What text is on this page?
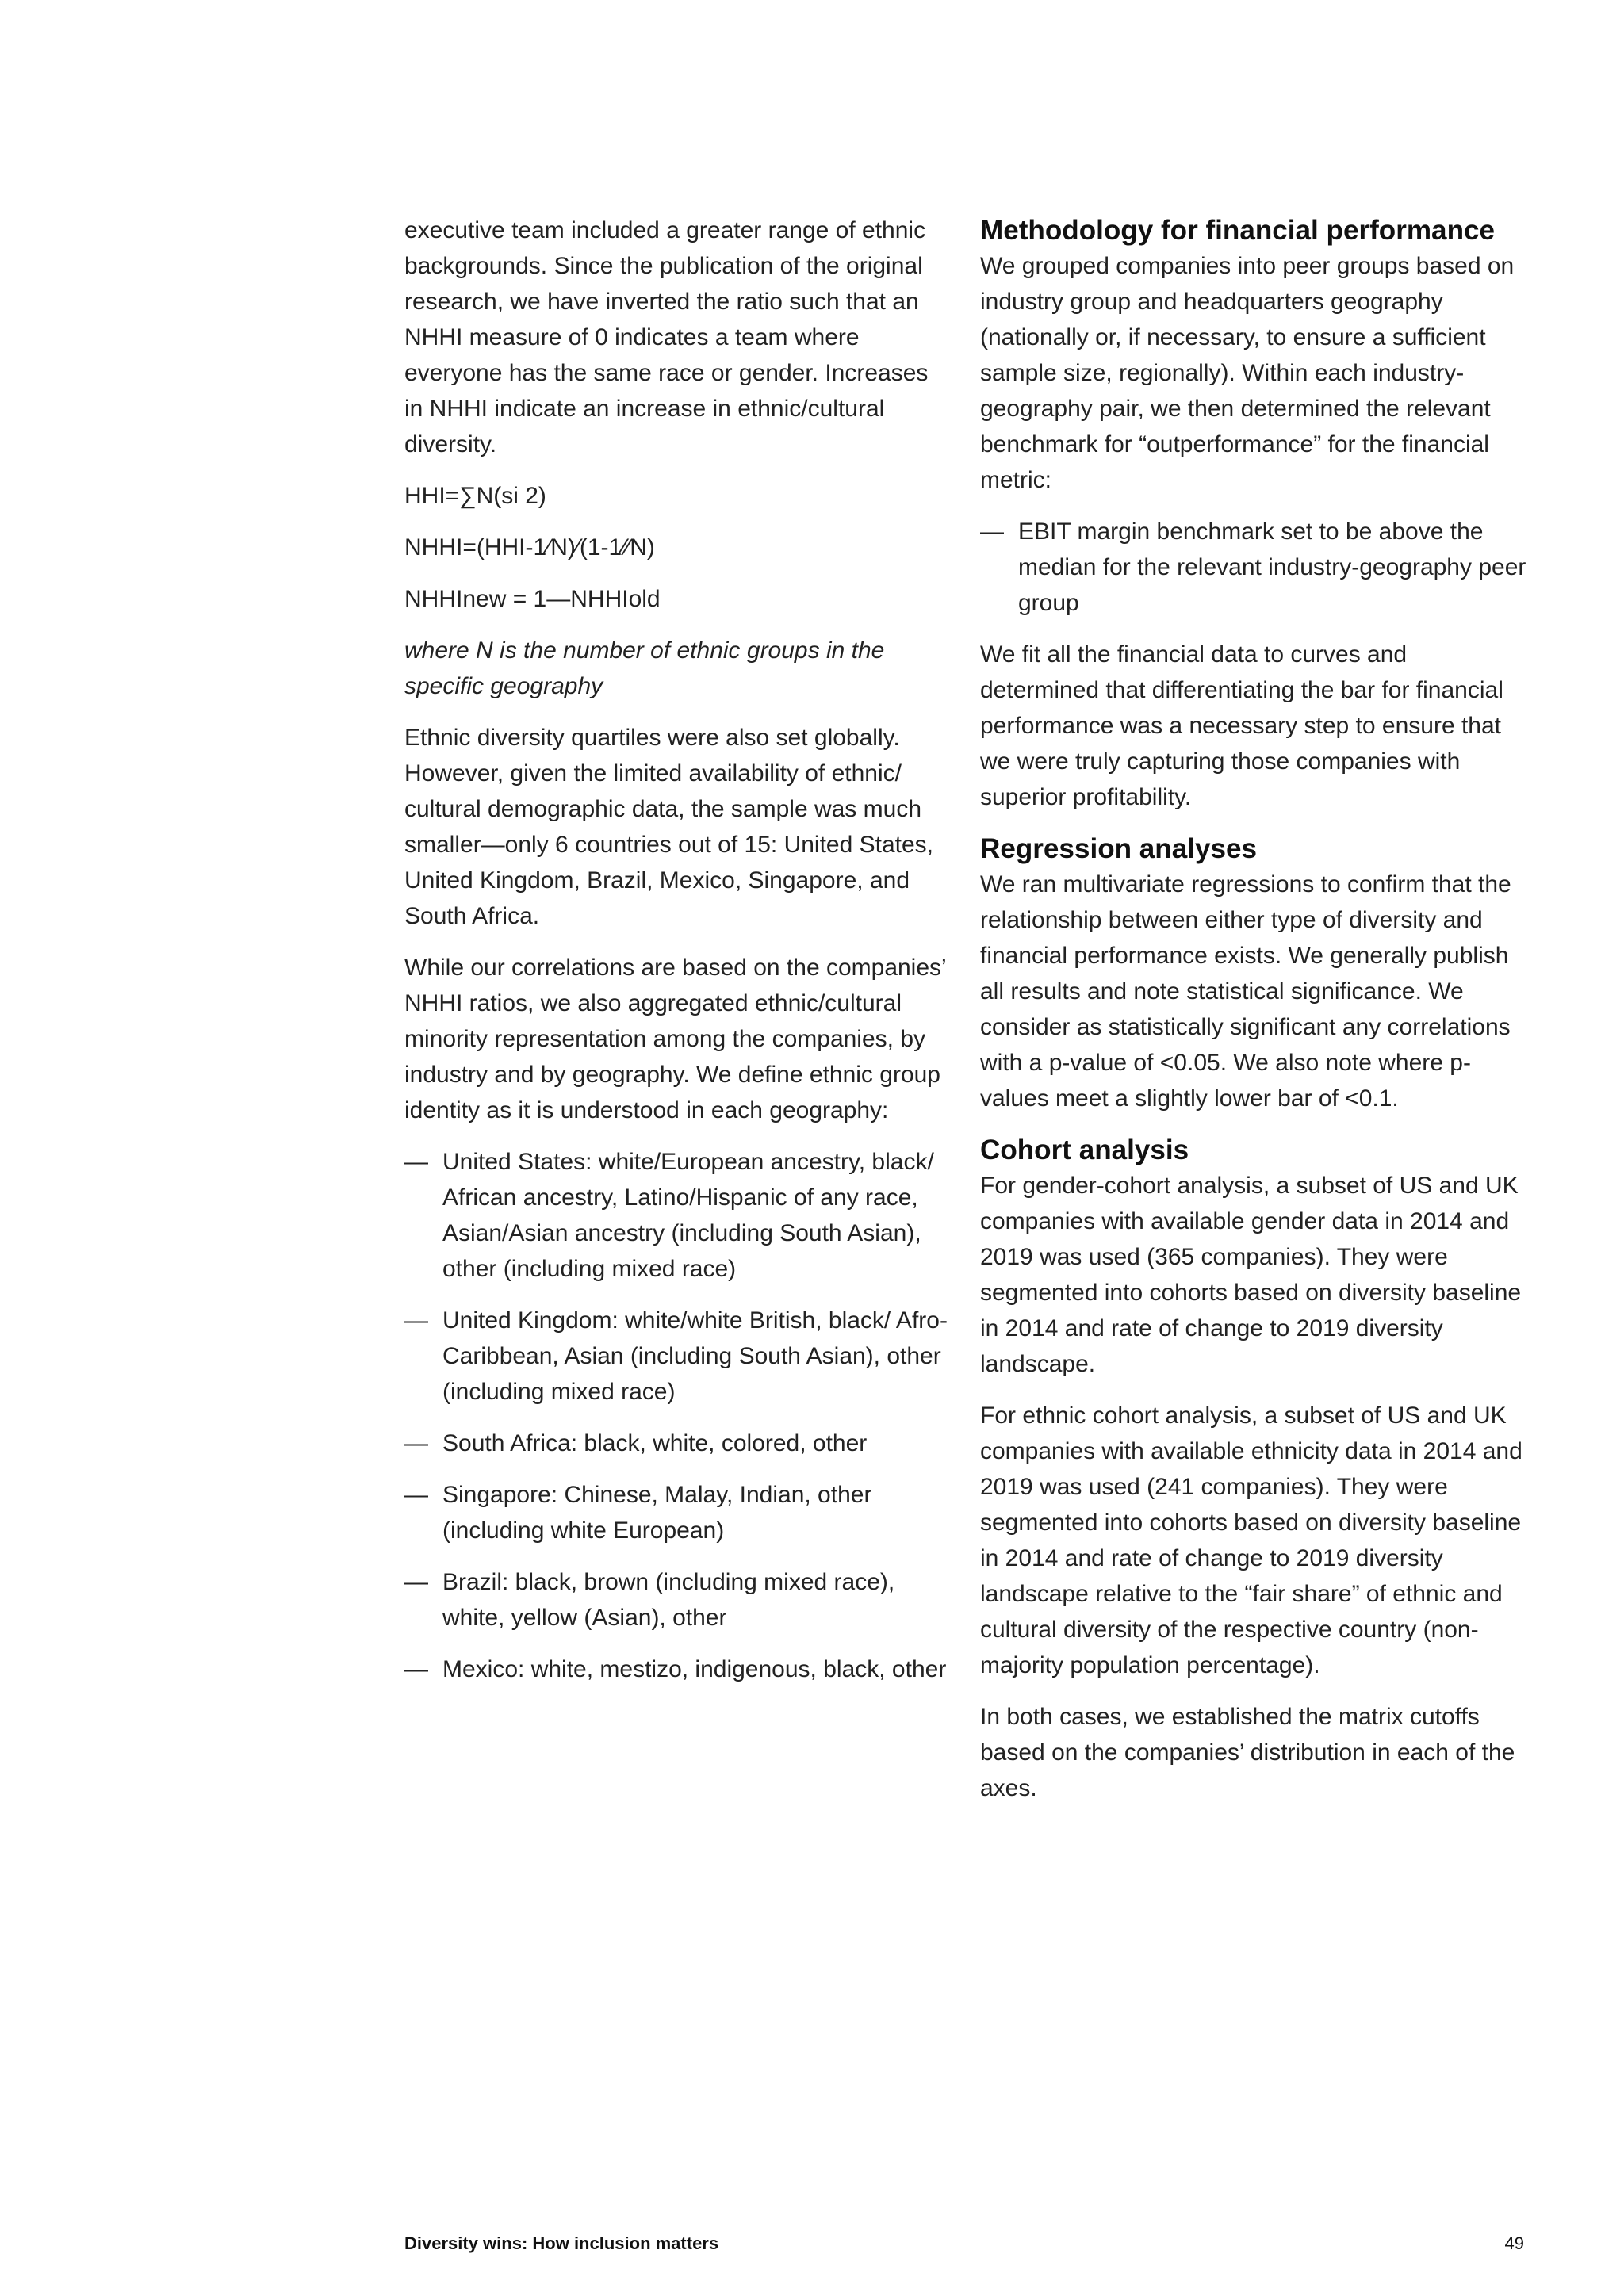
executive team included a greater range of ethnic backgrounds. Since the publication of the original research, we have inverted the ratio such that an NHHI measure of 0 indicates a team where everyone has the same race or gender. Increases in NHHI indicate an increase in ethnic/cultural diversity.

HHI=∑N(si 2)

NHHI=(HHI-1⁄N)⁄(1-1⁄⁄N)

NHHInew = 1—NHHIold

where N is the number of ethnic groups in the specific geography

Ethnic diversity quartiles were also set globally. However, given the limited availability of ethnic/ cultural demographic data, the sample was much smaller—only 6 countries out of 15: United States, United Kingdom, Brazil, Mexico, Singapore, and South Africa.

While our correlations are based on the companies’ NHHI ratios, we also aggregated ethnic/cultural minority representation among the companies, by industry and by geography. We define ethnic group identity as it is understood in each geography:

— United States: white/European ancestry, black/ African ancestry, Latino/Hispanic of any race, Asian/Asian ancestry (including South Asian), other (including mixed race)
— United Kingdom: white/white British, black/ Afro-Caribbean, Asian (including South Asian), other (including mixed race)
— South Africa: black, white, colored, other
— Singapore: Chinese, Malay, Indian, other (including white European)
— Brazil: black, brown (including mixed race), white, yellow (Asian), other
— Mexico: white, mestizo, indigenous, black, other
Methodology for financial performance

We grouped companies into peer groups based on industry group and headquarters geography (nationally or, if necessary, to ensure a sufficient sample size, regionally). Within each industry-geography pair, we then determined the relevant benchmark for “outperformance” for the financial metric:

— EBIT margin benchmark set to be above the median for the relevant industry-geography peer group

We fit all the financial data to curves and determined that differentiating the bar for financial performance was a necessary step to ensure that we were truly capturing those companies with superior profitability.

Regression analyses

We ran multivariate regressions to confirm that the relationship between either type of diversity and financial performance exists. We generally publish all results and note statistical significance. We consider as statistically significant any correlations with a p-value of <0.05. We also note where p-values meet a slightly lower bar of <0.1.

Cohort analysis

For gender-cohort analysis, a subset of US and UK companies with available gender data in 2014 and 2019 was used (365 companies). They were segmented into cohorts based on diversity baseline in 2014 and rate of change to 2019 diversity landscape.

For ethnic cohort analysis, a subset of US and UK companies with available ethnicity data in 2014 and 2019 was used (241 companies). They were segmented into cohorts based on diversity baseline in 2014 and rate of change to 2019 diversity landscape relative to the “fair share” of ethnic and cultural diversity of the respective country (non-majority population percentage).

In both cases, we established the matrix cutoffs based on the companies’ distribution in each of the axes.

Diversity wins: How inclusion matters	49
